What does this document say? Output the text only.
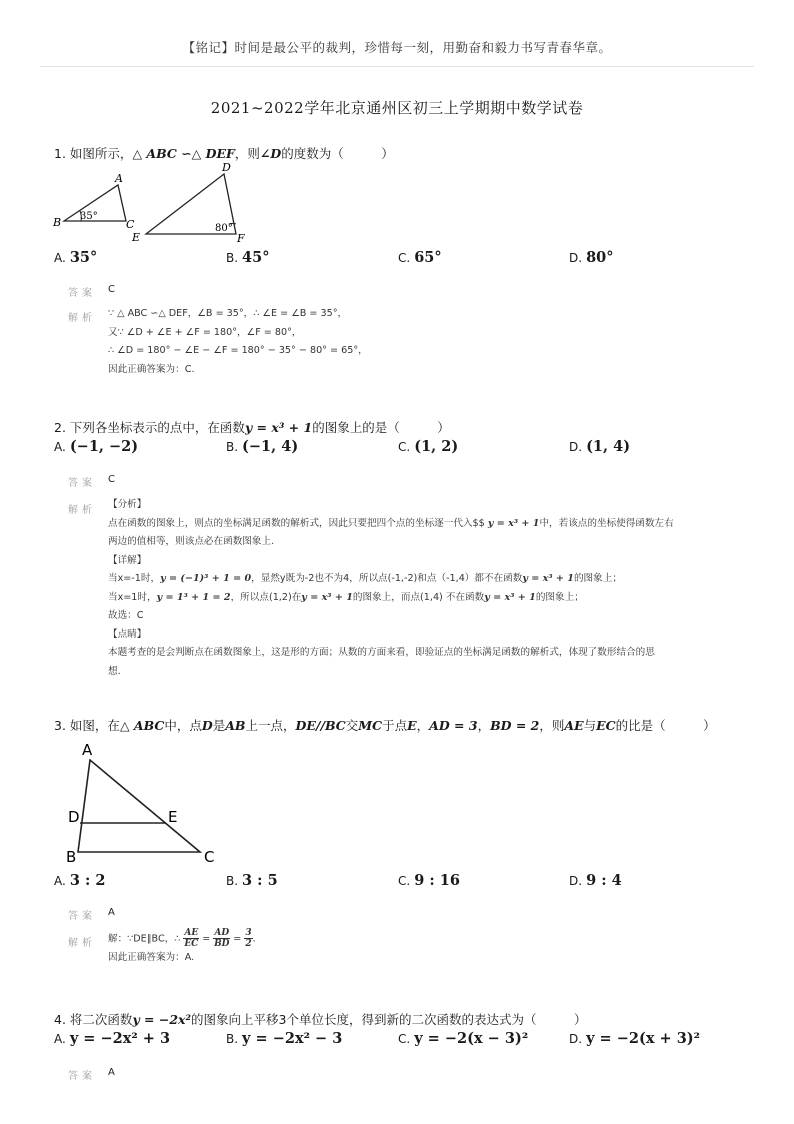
【铭记】时间是最公平的裁判，珍惜每一刻，用勤奋和毅力书写青春华章。
2021~2022学年北京通州区初三上学期期中数学试卷
1. 如图所示，△ ABC ∽△ DEF，则∠D的度数为（　　　）
A
B	C
35°
D
E	F
80°
A. 35°	B. 45°	C. 65°	D. 80°
答案 C
解析 ∵ △ ABC ∽△ DEF，∠B = 35°，∴ ∠E = ∠B = 35°，
又∵ ∠D + ∠E + ∠F = 180°，∠F = 80°，
∴ ∠D = 180° − ∠E − ∠F = 180° − 35° − 80° = 65°，
因此正确答案为：C.
2. 下列各坐标表示的点中，在函数y = x³ + 1的图象上的是（　　　）
A. (−1, −2)	B. (−1, 4)	C. (1, 2)	D. (1, 4)
答案 C
解析
【分析】
点在函数的图象上，则点的坐标满足函数的解析式，因此只要把四个点的坐标逐一代入$$ y = x³ + 1中，若该点的坐标使得函数左右
两边的值相等，则该点必在函数图象上.
【详解】
当x=-1时，y = (−1)³ + 1 = 0，显然y既为-2也不为4，所以点(-1,-2)和点（-1,4）都不在函数y = x³ + 1的图象上；
当x=1时，y = 1³ + 1 = 2，所以点(1,2)在y = x³ + 1的图象上，而点(1,4) 不在函数y = x³ + 1的图象上；
故选：C
【点睛】
本题考查的是会判断点在函数图象上，这是形的方面；从数的方面来看，即验证点的坐标满足函数的解析式，体现了数形结合的思
想.
3. 如图，在△ ABC中，点D是AB上一点，DE//BC交MC于点E，AD = 3，BD = 2，则AE与EC的比是（　　　）
A
D	E
B	C
A. 3 : 2	B. 3 : 5	C. 9 : 16	D. 9 : 4
答案 A
解析 解：∵DE∥BC，∴ $\frac{AE}{EC} = \frac{AD}{BD} = \frac{3}{2}$ .
因此正确答案为：A.
4. 将二次函数y = −2x²的图象向上平移3个单位长度，得到新的二次函数的表达式为（　　　）
A. y = −2x² + 3	B. y = −2x² − 3	C. y = −2(x − 3)²	D. y = −2(x + 3)²
答案 A
